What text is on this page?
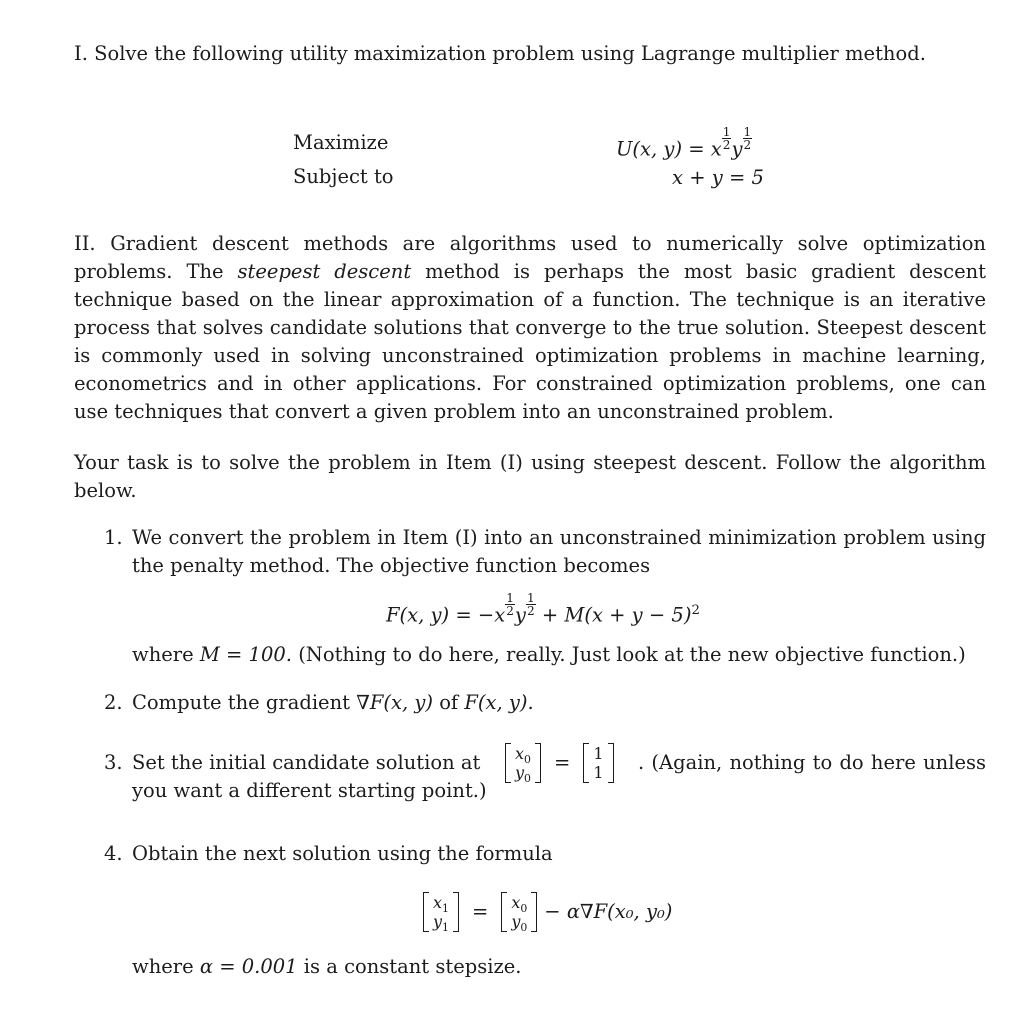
I. Solve the following utility maximization problem using Lagrange multiplier method.
Maximize
Subject to
U(x, y) = x $^{\frac{1}{2}}$ y $^{\frac{1}{2}}$
x + y = 5
II. Gradient descent methods are algorithms used to numerically solve optimization problems. The steepest descent method is perhaps the most basic gradient descent technique based on the linear approximation of a function. The technique is an iterative process that solves candidate solutions that converge to the true solution. Steepest descent is commonly used in solving unconstrained optimization problems in machine learning, econometrics and in other applications. For constrained optimization problems, one can use techniques that convert a given problem into an unconstrained problem.
Your task is to solve the problem in Item (I) using steepest descent. Follow the algorithm below.
1. We convert the problem in Item (I) into an unconstrained minimization problem using the penalty method. The objective function becomes
F(x, y) = −x $^{\frac{1}{2}}$ y $^{\frac{1}{2}} + M(x + y - 5)^2$
where M = 100. (Nothing to do here, really. Just look at the new objective function.)
2. Compute the gradient ∇F(x, y) of F(x, y).
3. Set the initial candidate solution at $x_0$
$y_0$
= 1
1	. (Again, nothing to do here unless you want a different starting point.)
4. Obtain the next solution using the formula
$x_1$
$y_1$
= $x_0$
$y_0$
− α∇F(x₀, y₀)
where α = 0.001 is a constant stepsize.
